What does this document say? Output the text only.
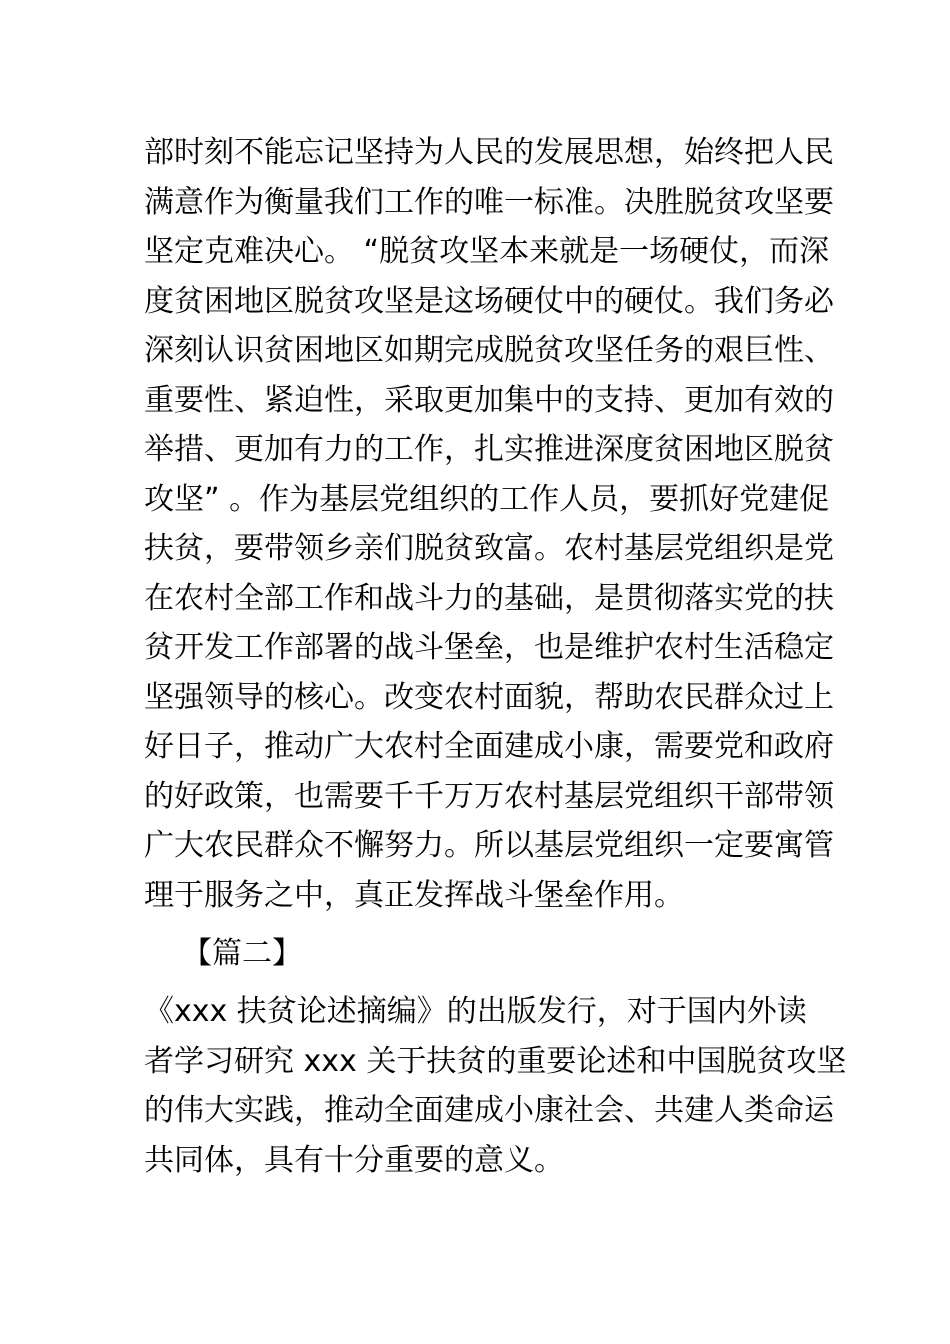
部时刻不能忘记坚持为人民的发展思想，始终把人民
满意作为衡量我们工作的唯一标准。决胜脱贫攻坚要
坚定克难决心。 “脱贫攻坚本来就是一场硬仗，而深
度贫困地区脱贫攻坚是这场硬仗中的硬仗。我们务必
深刻认识贫困地区如期完成脱贫攻坚任务的艰巨性、
重要性、紧迫性，采取更加集中的支持、更加有效的
举措、更加有力的工作，扎实推进深度贫困地区脱贫
攻坚” 。作为基层党组织的工作人员，要抓好党建促
扶贫，要带领乡亲们脱贫致富。农村基层党组织是党
在农村全部工作和战斗力的基础，是贯彻落实党的扶
贫开发工作部署的战斗堡垒，也是维护农村生活稳定
坚强领导的核心。改变农村面貌，帮助农民群众过上
好日子，推动广大农村全面建成小康，需要党和政府
的好政策，也需要千千万万农村基层党组织干部带领
广大农民群众不懈努力。所以基层党组织一定要寓管
理于服务之中，真正发挥战斗堡垒作用。
【篇二】
《xxx 扶贫论述摘编》的出版发行，对于国内外读
者学习研究 xxx 关于扶贫的重要论述和中国脱贫攻坚
的伟大实践，推动全面建成小康社会、共建人类命运
共同体，具有十分重要的意义。
